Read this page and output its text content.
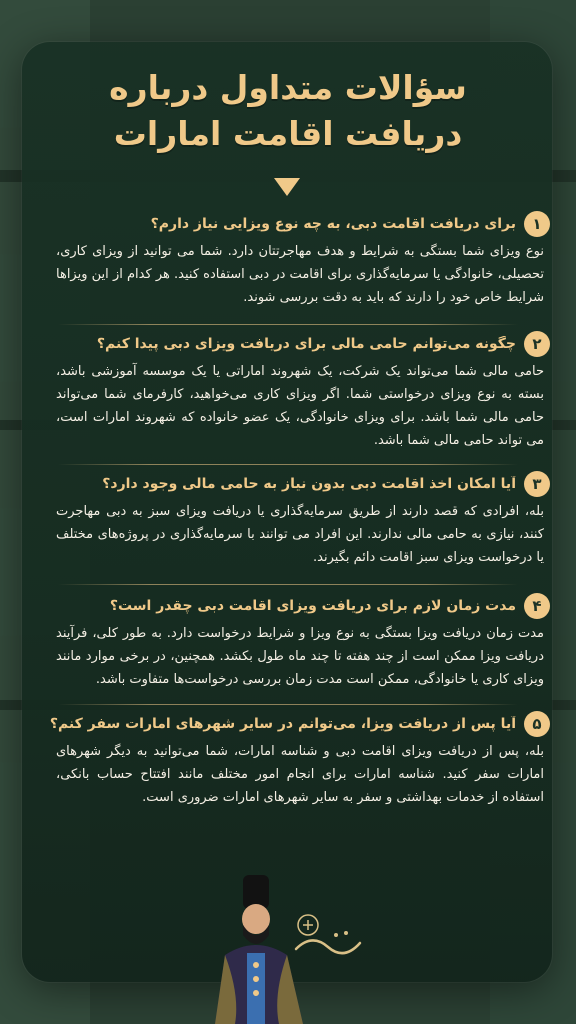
سؤالات متداول درباره
دریافت اقامت امارات
۱
برای دریافت اقامت دبی، به چه نوع ویزایی نیاز دارم؟
نوع ویزای شما بستگی به شرایط و هدف مهاجرتتان دارد. شما می توانید از ویزای کاری، تحصیلی، خانوادگی یا سرمایه‌گذاری برای اقامت در دبی استفاده کنید. هر کدام از این ویزاها شرایط خاص خود را دارند که باید به دقت بررسی شوند.
۲
چگونه می‌توانم حامی مالی برای دریافت ویزای دبی پیدا کنم؟
حامی مالی شما می‌تواند یک شرکت، یک شهروند اماراتی یا یک موسسه آموزشی باشد، بسته به نوع ویزای درخواستی شما. اگر ویزای کاری می‌خواهید، کارفرمای شما می‌تواند حامی مالی شما باشد. برای ویزای خانوادگی، یک عضو خانواده که شهروند امارات است، می تواند حامی مالی شما باشد.
۳
آیا امکان اخذ اقامت دبی بدون نیاز به حامی مالی وجود دارد؟
بله، افرادی که قصد دارند از طریق سرمایه‌گذاری یا دریافت ویزای سبز به دبی مهاجرت کنند، نیازی به حامی مالی ندارند. این افراد می توانند با سرمایه‌گذاری در پروژه‌های مختلف یا درخواست ویزای سبز اقامت دائم بگیرند.
۴
مدت زمان لازم برای دریافت ویزای اقامت دبی چقدر است؟
مدت زمان دریافت ویزا بستگی به نوع ویزا و شرایط درخواست دارد. به طور کلی، فرآیند دریافت ویزا ممکن است از چند هفته تا چند ماه طول بکشد. همچنین، در برخی موارد مانند ویزای کاری یا خانوادگی، ممکن است مدت زمان بررسی درخواست‌ها متفاوت باشد.
۵
آیا پس از دریافت ویزا، می‌توانم در سایر شهرهای امارات سفر کنم؟
بله، پس از دریافت ویزای اقامت دبی و شناسه امارات، شما می‌توانید به دیگر شهرهای امارات سفر کنید. شناسه امارات برای انجام امور مختلف مانند افتتاح حساب بانکی، استفاده از خدمات بهداشتی و سفر به سایر شهرهای امارات ضروری است.
